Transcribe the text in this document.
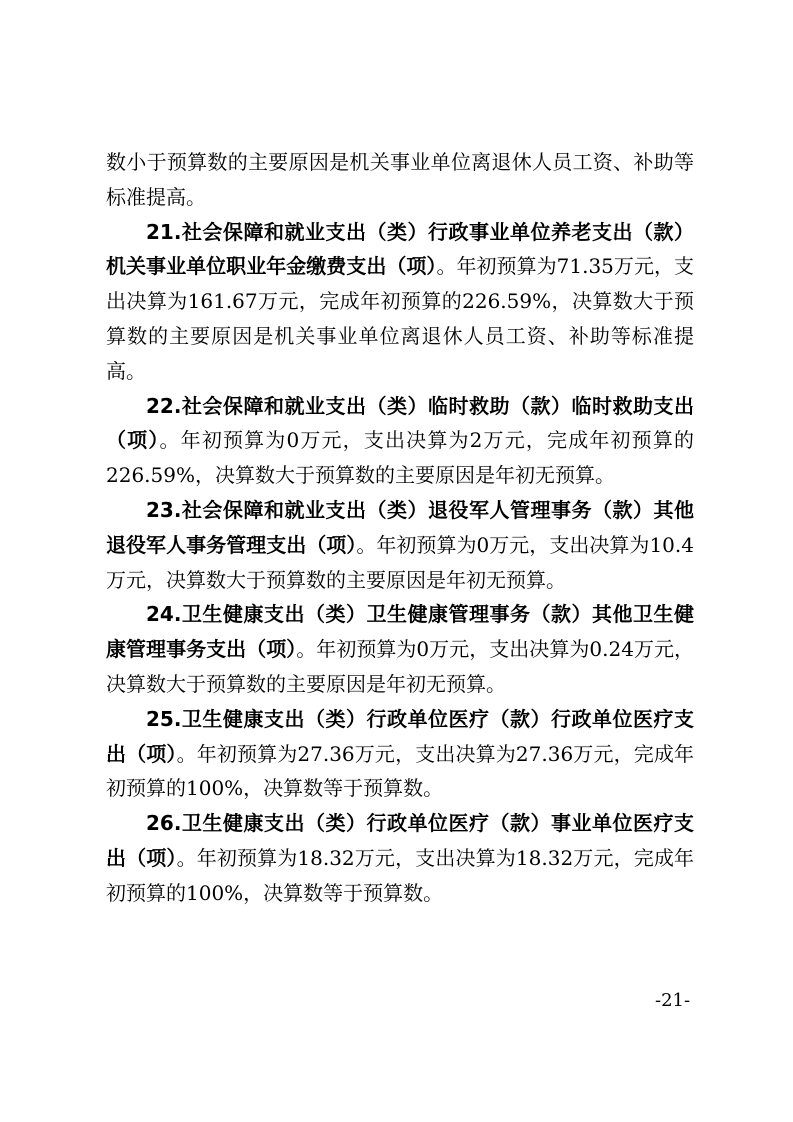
数小于预算数的主要原因是机关事业单位离退休人员工资、补助等标准提高。

21.社会保障和就业支出（类）行政事业单位养老支出（款）机关事业单位职业年金缴费支出（项）。年初预算为71.35万元，支出决算为161.67万元，完成年初预算的226.59%，决算数大于预算数的主要原因是机关事业单位离退休人员工资、补助等标准提高。

22.社会保障和就业支出（类）临时救助（款）临时救助支出（项）。年初预算为0万元，支出决算为2万元，完成年初预算的226.59%，决算数大于预算数的主要原因是年初无预算。

23.社会保障和就业支出（类）退役军人管理事务（款）其他退役军人事务管理支出（项）。年初预算为0万元，支出决算为10.4万元，决算数大于预算数的主要原因是年初无预算。

24.卫生健康支出（类）卫生健康管理事务（款）其他卫生健康管理事务支出（项）。年初预算为0万元，支出决算为0.24万元，决算数大于预算数的主要原因是年初无预算。

25.卫生健康支出（类）行政单位医疗（款）行政单位医疗支出（项）。年初预算为27.36万元，支出决算为27.36万元，完成年初预算的100%，决算数等于预算数。

26.卫生健康支出（类）行政单位医疗（款）事业单位医疗支出（项）。年初预算为18.32万元，支出决算为18.32万元，完成年初预算的100%，决算数等于预算数。

-21-
